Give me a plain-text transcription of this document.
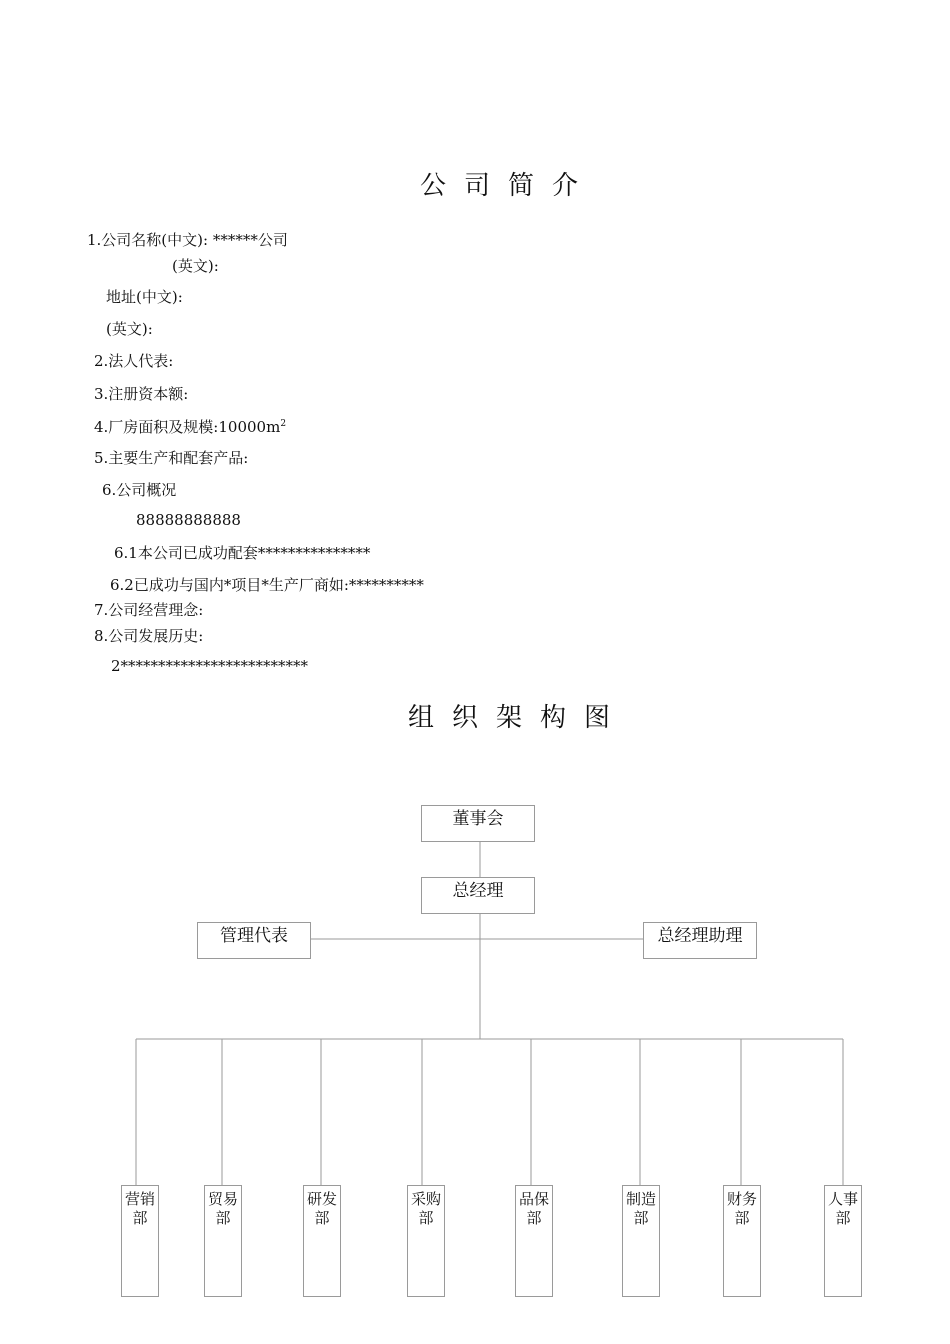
公司简介
1.公司名称(中文): ******公司
(英文):
地址(中文):
(英文):
2.法人代表:
3.注册资本额:
4.厂房面积及规模$:10000m^2$
5.主要生产和配套产品:
6.公司概况
88888888888
6.1本公司已成功配套***************
6.2已成功与国内*项目*生产厂商如:**********
7.公司经营理念:
8.公司发展历史:
2*************************
组织架构图
董事会
总经理
管理代表	总经理助理
营销部
贸易部
研发部
采购部
品保部
制造部
财务部
人事部
